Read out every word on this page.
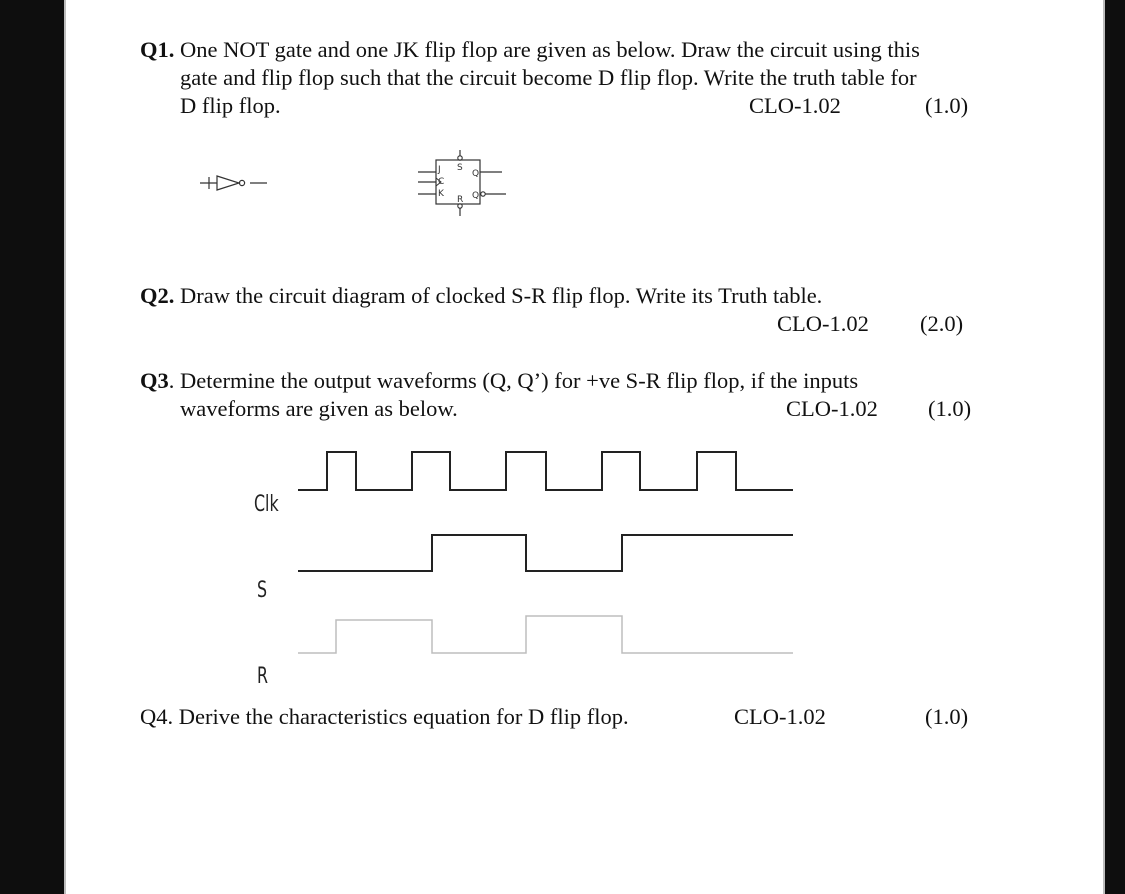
Q1. One NOT gate and one JK flip flop are given as below. Draw the circuit using this
gate and flip flop such that the circuit become D flip flop. Write the truth table for
D flip flop.	CLO-1.02	(1.0)
J
C
K
S
R
Q
Q
Q2. Draw the circuit diagram of clocked S-R flip flop. Write its Truth table.
CLO-1.02 (2.0)
Q3. Determine the output waveforms (Q, Q’) for +ve S-R flip flop, if the inputs
waveforms are given as below.	CLO-1.02 (1.0)
Clk
S
R
Q4. Derive the characteristics equation for D flip flop.	CLO-1.02	(1.0)
